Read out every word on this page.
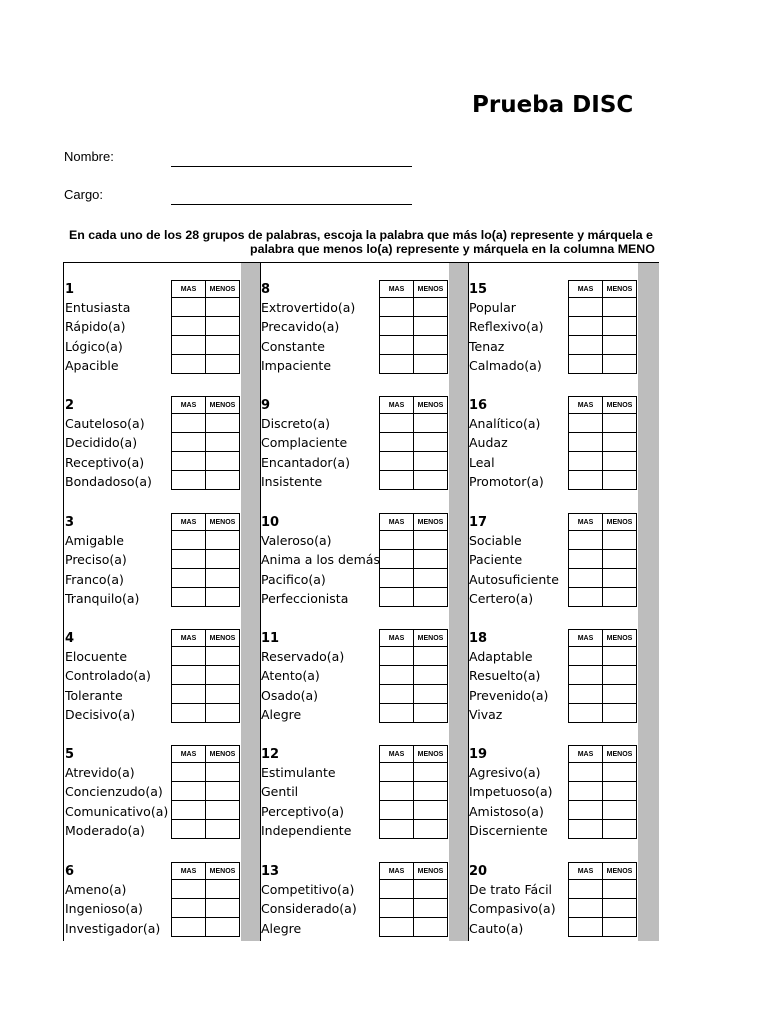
Prueba DISC
Nombre:
Cargo:
En cada uno de los 28 grupos de palabras, escoja la palabra que más lo(a) represente y márquela e
palabra que menos lo(a) represente y márquela en la columna MENO
1
Entusiasta
Rápido(a)
Lógico(a)
Apacible
MAS	MENOS

2
Cauteloso(a)
Decidido(a)
Receptivo(a)
Bondadoso(a)
MAS	MENOS

3
Amigable
Preciso(a)
Franco(a)
Tranquilo(a)
MAS	MENOS

4
Elocuente
Controlado(a)
Tolerante
Decisivo(a)
MAS	MENOS

5
Atrevido(a)
Concienzudo(a)
Comunicativo(a)
Moderado(a)
MAS	MENOS

6
Ameno(a)
Ingenioso(a)
Investigador(a)
MAS	MENOS

8
Extrovertido(a)
Precavido(a)
Constante
Impaciente
MAS	MENOS

9
Discreto(a)
Complaciente
Encantador(a)
Insistente
MAS	MENOS

10
Valeroso(a)
Anima a los demás
Pacifico(a)
Perfeccionista
MAS	MENOS

11
Reservado(a)
Atento(a)
Osado(a)
Alegre
MAS	MENOS

12
Estimulante
Gentil
Perceptivo(a)
Independiente
MAS	MENOS

13
Competitivo(a)
Considerado(a)
Alegre
MAS	MENOS

15
Popular
Reflexivo(a)
Tenaz
Calmado(a)
MAS	MENOS

16
Analítico(a)
Audaz
Leal
Promotor(a)
MAS	MENOS

17
Sociable
Paciente
Autosuficiente
Certero(a)
MAS	MENOS

18
Adaptable
Resuelto(a)
Prevenido(a)
Vivaz
MAS	MENOS

19
Agresivo(a)
Impetuoso(a)
Amistoso(a)
Discerniente
MAS	MENOS

20
De trato Fácil
Compasivo(a)
Cauto(a)
MAS	MENOS
